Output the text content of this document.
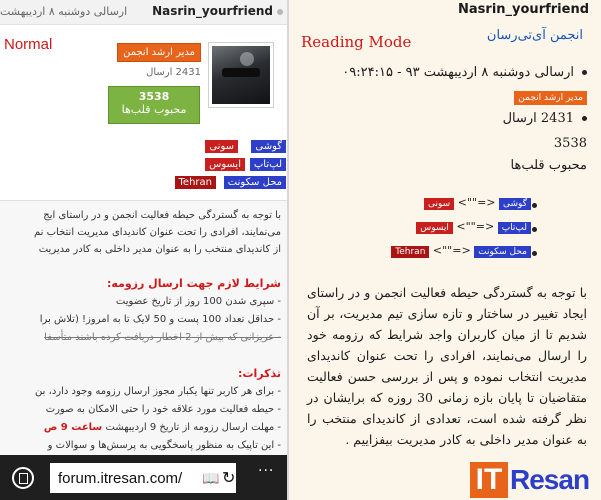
ارسالی دوشنبه ۸ اردیبهشت Nasrin_yourfriend
Normal	مدیر ارشد انجمن
2431 ارسال
3538
محبوب قلب‌ها
گوشی
سونی
لپ‌تاپ
ایسوس
محل سکونت
Tehran
با توجه به گستردگی حیطه فعالیت انجمن و در راستای ایج
می‌نمایند، افرادی را تحت عنوان کاندیدای مدیریت انتخاب نم
از کاندیدای منتخب را به عنوان مدیر داخلی به کادر مدیریت
شرایط لازم جهت ارسال رزومه:
- سپری شدن 100 روز از تاریخ عضویت
- حداقل تعداد 100 پست و 50 لایک تا به امروز! (تلاش برا
- عریزانی که بیش از 2 اخطار دریافت کرده باشند متأسفا
تذکرات:
- برای هر کاربر تنها یکبار مجوز ارسال رزومه وجود دارد، بن
- حیطه فعالیت مورد علاقه خود را حتی الامکان به صورت
- مهلت ارسال رزومه از تاریخ 9 اردیبهشت ساعت 9 ص
- این تاپیک به منظور پاسخگویی به پرسش‌ها و سوالات و
forum.itresan.com/ 📖 ↻
...
Nasrin_yourfriend
Reading Mode	انجمن آی‌تی‌رسان
ارسالی دوشنبه ۸ اردیبهشت ۹۳ - ۰۹:۲۴:۱۵
مدیر ارشد انجمن
2431 ارسال
3538
محبوب قلب‌ها
گوشی <=""> سونی
لپ‌تاپ <=""> ایسوس
محل سکونت <=""> Tehran
با توجه به گستردگی حیطه فعالیت انجمن و در راستای ایجاد تغییر در ساختار و تازه سازی تیم مدیریت، بر آن شدیم تا از میان کاربران واجد شرایط که رزومه خود را ارسال می‌نمایند، افرادی را تحت عنوان کاندیدای مدیریت انتخاب نموده و پس از بررسی حسن فعالیت متقاضیان تا پایان بازه زمانی 30 روزه که برایشان در نظر گرفته شده است، تعدادی از کاندیدای منتخب را به عنوان مدیر داخلی به کادر مدیریت بیفزاییم .
IT Resan
